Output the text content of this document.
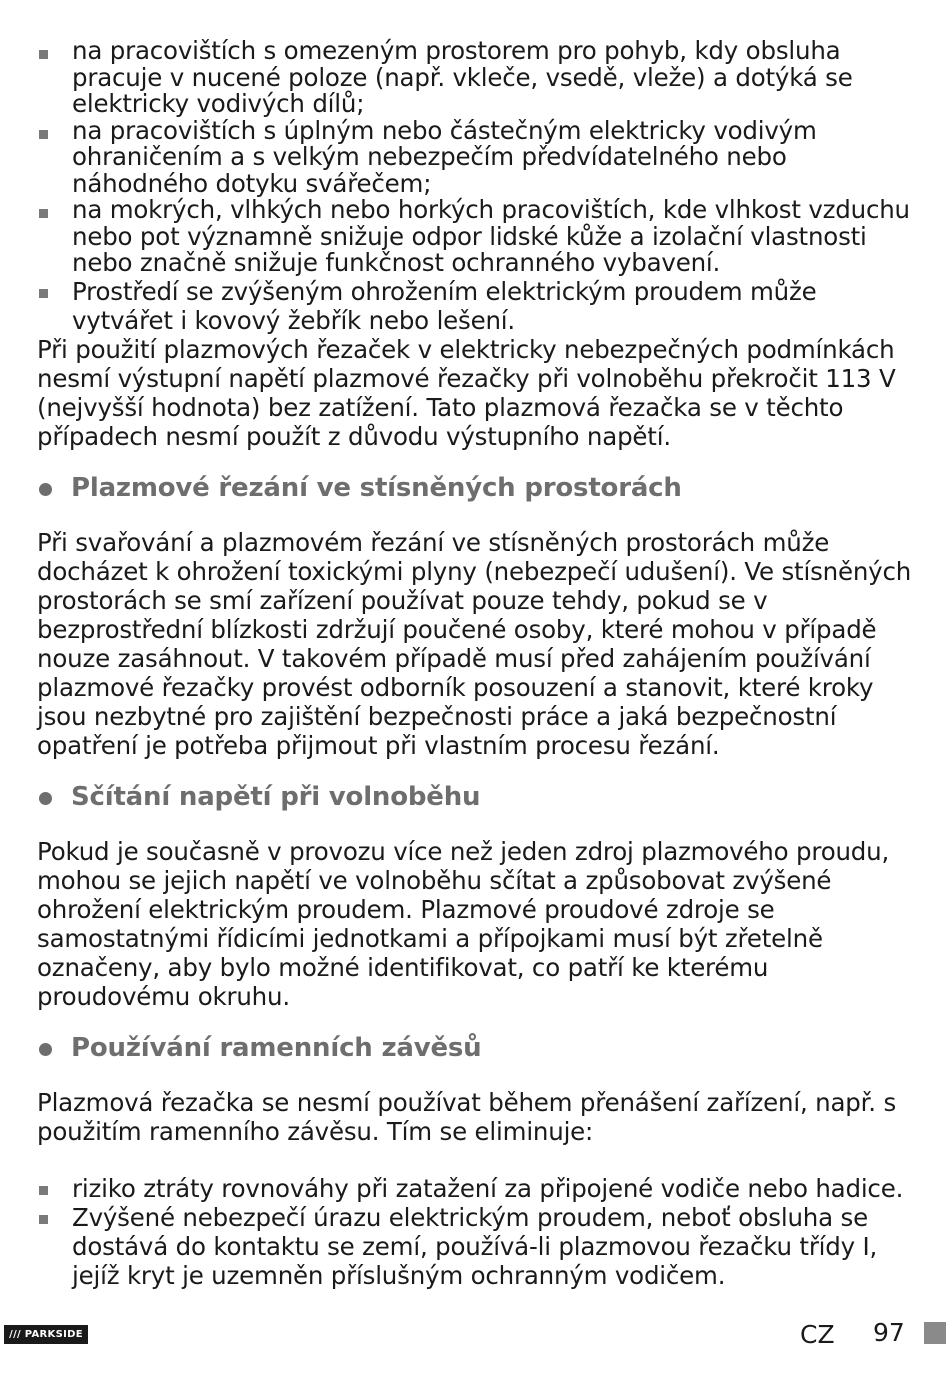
na pracovištích s omezeným prostorem pro pohyb, kdy obsluha pracuje v nucené poloze (např. vkleče, vsedě, vleže) a dotýká se elektricky vodivých dílů;
na pracovištích s úplným nebo částečným elektricky vodivým ohraničením a s velkým nebezpečím předvídatelného nebo náhodného dotyku svářečem;
na mokrých, vlhkých nebo horkých pracovištích, kde vlhkost vzduchu nebo pot významně snižuje odpor lidské kůže a izolační vlastnosti nebo značně snižuje funkčnost ochranného vybavení.
Prostředí se zvýšeným ohrožením elektrickým proudem může vytvářet i kovový žebřík nebo lešení.

Při použití plazmových řezaček v elektricky nebezpečných podmínkách nesmí výstupní napětí plazmové řezačky při volnoběhu překročit 113 V (nejvyšší hodnota) bez zatížení. Tato plazmová řezačka se v těchto případech nesmí použít z důvodu výstupního napětí.

Plazmové řezání ve stísněných prostorách

Při svařování a plazmovém řezání ve stísněných prostorách může docházet k ohrožení toxickými plyny (nebezpečí udušení). Ve stísněných prostorách se smí zařízení používat pouze tehdy, pokud se v bezprostřední blízkosti zdržují poučené osoby, které mohou v případě nouze zasáhnout. V takovém případě musí před zahájením používání plazmové řezačky provést odborník posouzení a stanovit, které kroky jsou nezbytné pro zajištění bezpečnosti práce a jaká bezpečnostní opatření je potřeba přijmout při vlastním procesu řezání.

Sčítání napětí při volnoběhu

Pokud je současně v provozu více než jeden zdroj plazmového proudu, mohou se jejich napětí ve volnoběhu sčítat a způsobovat zvýšené ohrožení elektrickým proudem. Plazmové proudové zdroje se samostatnými řídicími jednotkami a přípojkami musí být zřetelně označeny, aby bylo možné identifikovat, co patří ke kterému proudovému okruhu.

Používání ramenních závěsů

Plazmová řezačka se nesmí používat během přenášení zařízení, např. s použitím ramenního závěsu. Tím se eliminuje:

riziko ztráty rovnováhy při zatažení za připojené vodiče nebo hadice.
Zvýšené nebezpečí úrazu elektrickým proudem, neboť obsluha se dostává do kontaktu se zemí, používá-li plazmovou řezačku třídy I, jejíž kryt je uzemněn příslušným ochranným vodičem.
/// PARKSIDE	CZ 97
